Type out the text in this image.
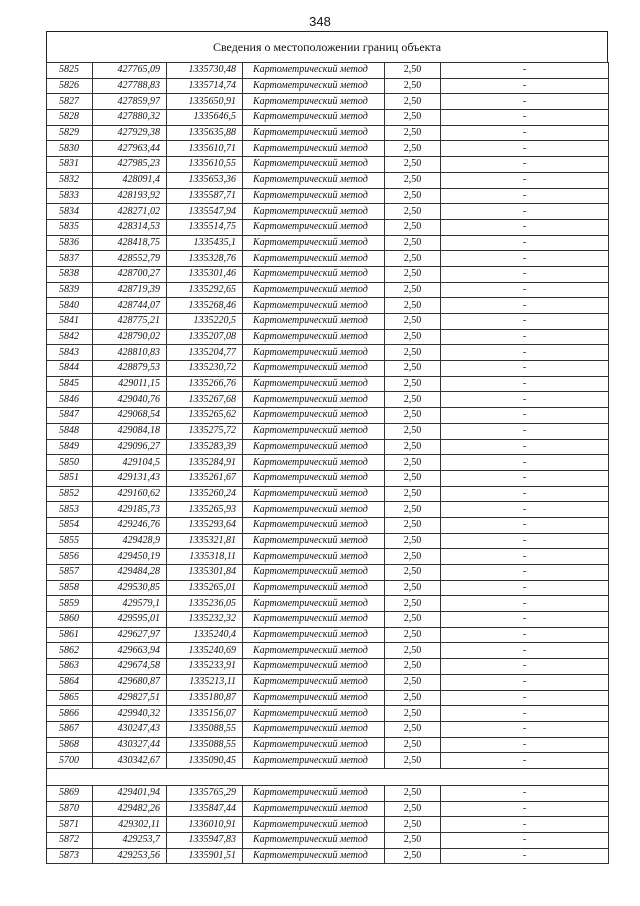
348
Сведения о местоположении границ объекта
5825	427765,09	1335730,48	Картометрический метод	2,50	-
5826	427788,83	1335714,74	Картометрический метод	2,50	-
5827	427859,97	1335650,91	Картометрический метод	2,50	-
5828	427880,32	1335646,5	Картометрический метод	2,50	-
5829	427929,38	1335635,88	Картометрический метод	2,50	-
5830	427963,44	1335610,71	Картометрический метод	2,50	-
5831	427985,23	1335610,55	Картометрический метод	2,50	-
5832	428091,4	1335653,36	Картометрический метод	2,50	-
5833	428193,92	1335587,71	Картометрический метод	2,50	-
5834	428271,02	1335547,94	Картометрический метод	2,50	-
5835	428314,53	1335514,75	Картометрический метод	2,50	-
5836	428418,75	1335435,1	Картометрический метод	2,50	-
5837	428552,79	1335328,76	Картометрический метод	2,50	-
5838	428700,27	1335301,46	Картометрический метод	2,50	-
5839	428719,39	1335292,65	Картометрический метод	2,50	-
5840	428744,07	1335268,46	Картометрический метод	2,50	-
5841	428775,21	1335220,5	Картометрический метод	2,50	-
5842	428790,02	1335207,08	Картометрический метод	2,50	-
5843	428810,83	1335204,77	Картометрический метод	2,50	-
5844	428879,53	1335230,72	Картометрический метод	2,50	-
5845	429011,15	1335266,76	Картометрический метод	2,50	-
5846	429040,76	1335267,68	Картометрический метод	2,50	-
5847	429068,54	1335265,62	Картометрический метод	2,50	-
5848	429084,18	1335275,72	Картометрический метод	2,50	-
5849	429096,27	1335283,39	Картометрический метод	2,50	-
5850	429104,5	1335284,91	Картометрический метод	2,50	-
5851	429131,43	1335261,67	Картометрический метод	2,50	-
5852	429160,62	1335260,24	Картометрический метод	2,50	-
5853	429185,73	1335265,93	Картометрический метод	2,50	-
5854	429246,76	1335293,64	Картометрический метод	2,50	-
5855	429428,9	1335321,81	Картометрический метод	2,50	-
5856	429450,19	1335318,11	Картометрический метод	2,50	-
5857	429484,28	1335301,84	Картометрический метод	2,50	-
5858	429530,85	1335265,01	Картометрический метод	2,50	-
5859	429579,1	1335236,05	Картометрический метод	2,50	-
5860	429595,01	1335232,32	Картометрический метод	2,50	-
5861	429627,97	1335240,4	Картометрический метод	2,50	-
5862	429663,94	1335240,69	Картометрический метод	2,50	-
5863	429674,58	1335233,91	Картометрический метод	2,50	-
5864	429680,87	1335213,11	Картометрический метод	2,50	-
5865	429827,51	1335180,87	Картометрический метод	2,50	-
5866	429940,32	1335156,07	Картометрический метод	2,50	-
5867	430247,43	1335088,55	Картометрический метод	2,50	-
5868	430327,44	1335088,55	Картометрический метод	2,50	-
5700	430342,67	1335090,45	Картометрический метод	2,50	-

5869	429401,94	1335765,29	Картометрический метод	2,50	-
5870	429482,26	1335847,44	Картометрический метод	2,50	-
5871	429302,11	1336010,91	Картометрический метод	2,50	-
5872	429253,7	1335947,83	Картометрический метод	2,50	-
5873	429253,56	1335901,51	Картометрический метод	2,50	-
